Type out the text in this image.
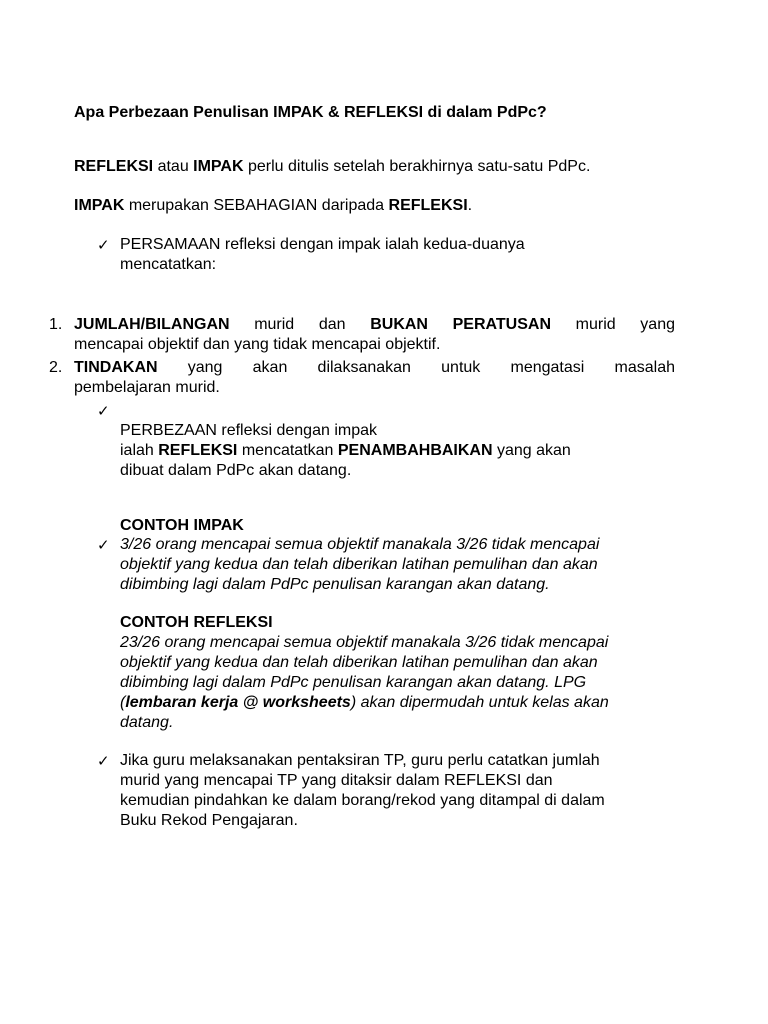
Apa Perbezaan Penulisan IMPAK & REFLEKSI di dalam PdPc?
REFLEKSI atau IMPAK perlu ditulis setelah berakhirnya satu-satu PdPc.
IMPAK merupakan SEBAHAGIAN daripada REFLEKSI.
✓ PERSAMAAN refleksi dengan impak ialah kedua-duanya
mencatatkan:
1. JUMLAH/BILANGAN murid dan BUKAN PERATUSAN murid yang
mencapai objektif dan yang tidak mencapai objektif.
2. TINDAKAN yang akan dilaksanakan untuk mengatasi masalah
pembelajaran murid.
✓
PERBEZAAN refleksi dengan impak
ialah REFLEKSI mencatatkan PENAMBAHBAIKAN yang akan
dibuat dalam PdPc akan datang.
CONTOH IMPAK
✓ 3/26 orang mencapai semua objektif manakala 3/26 tidak mencapai
objektif yang kedua dan telah diberikan latihan pemulihan dan akan
dibimbing lagi dalam PdPc penulisan karangan akan datang.
CONTOH REFLEKSI
23/26 orang mencapai semua objektif manakala 3/26 tidak mencapai
objektif yang kedua dan telah diberikan latihan pemulihan dan akan
dibimbing lagi dalam PdPc penulisan karangan akan datang. LPG
(lembaran kerja @ worksheets) akan dipermudah untuk kelas akan
datang.
✓ Jika guru melaksanakan pentaksiran TP, guru perlu catatkan jumlah
murid yang mencapai TP yang ditaksir dalam REFLEKSI dan
kemudian pindahkan ke dalam borang/rekod yang ditampal di dalam
Buku Rekod Pengajaran.
